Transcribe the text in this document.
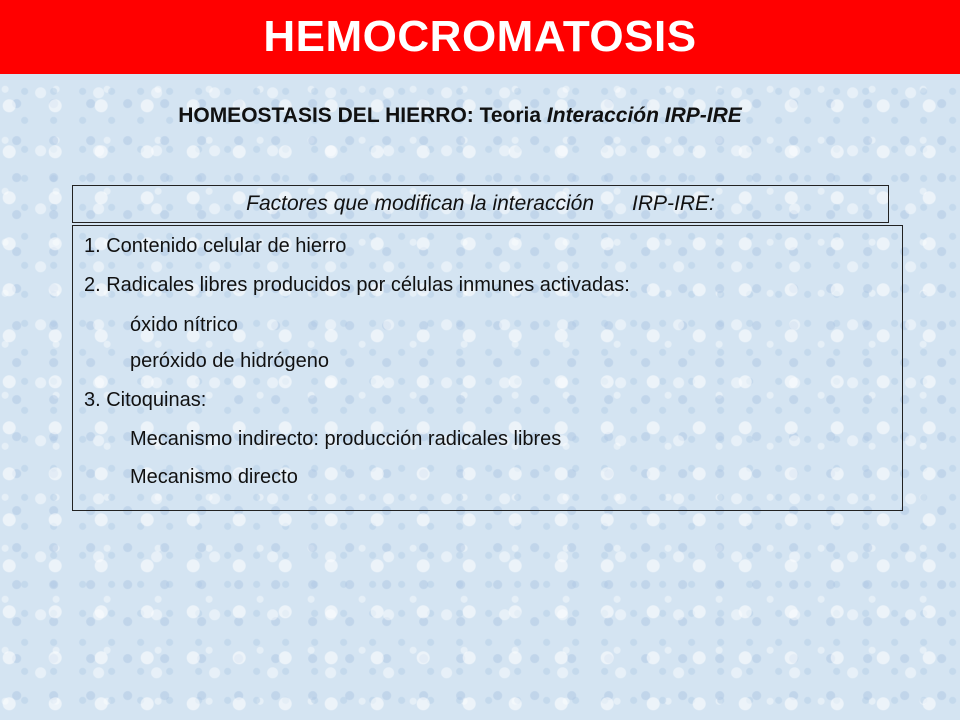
HEMOCROMATOSIS
HOMEOSTASIS DEL HIERRO: Teoria Interacción IRP-IRE
Factores que modifican la interacción IRP-IRE:
1. Contenido celular de hierro
2. Radicales libres producidos por células inmunes activadas:
óxido nítrico
peróxido de hidrógeno
3. Citoquinas:
Mecanismo indirecto: producción radicales libres
Mecanismo directo
